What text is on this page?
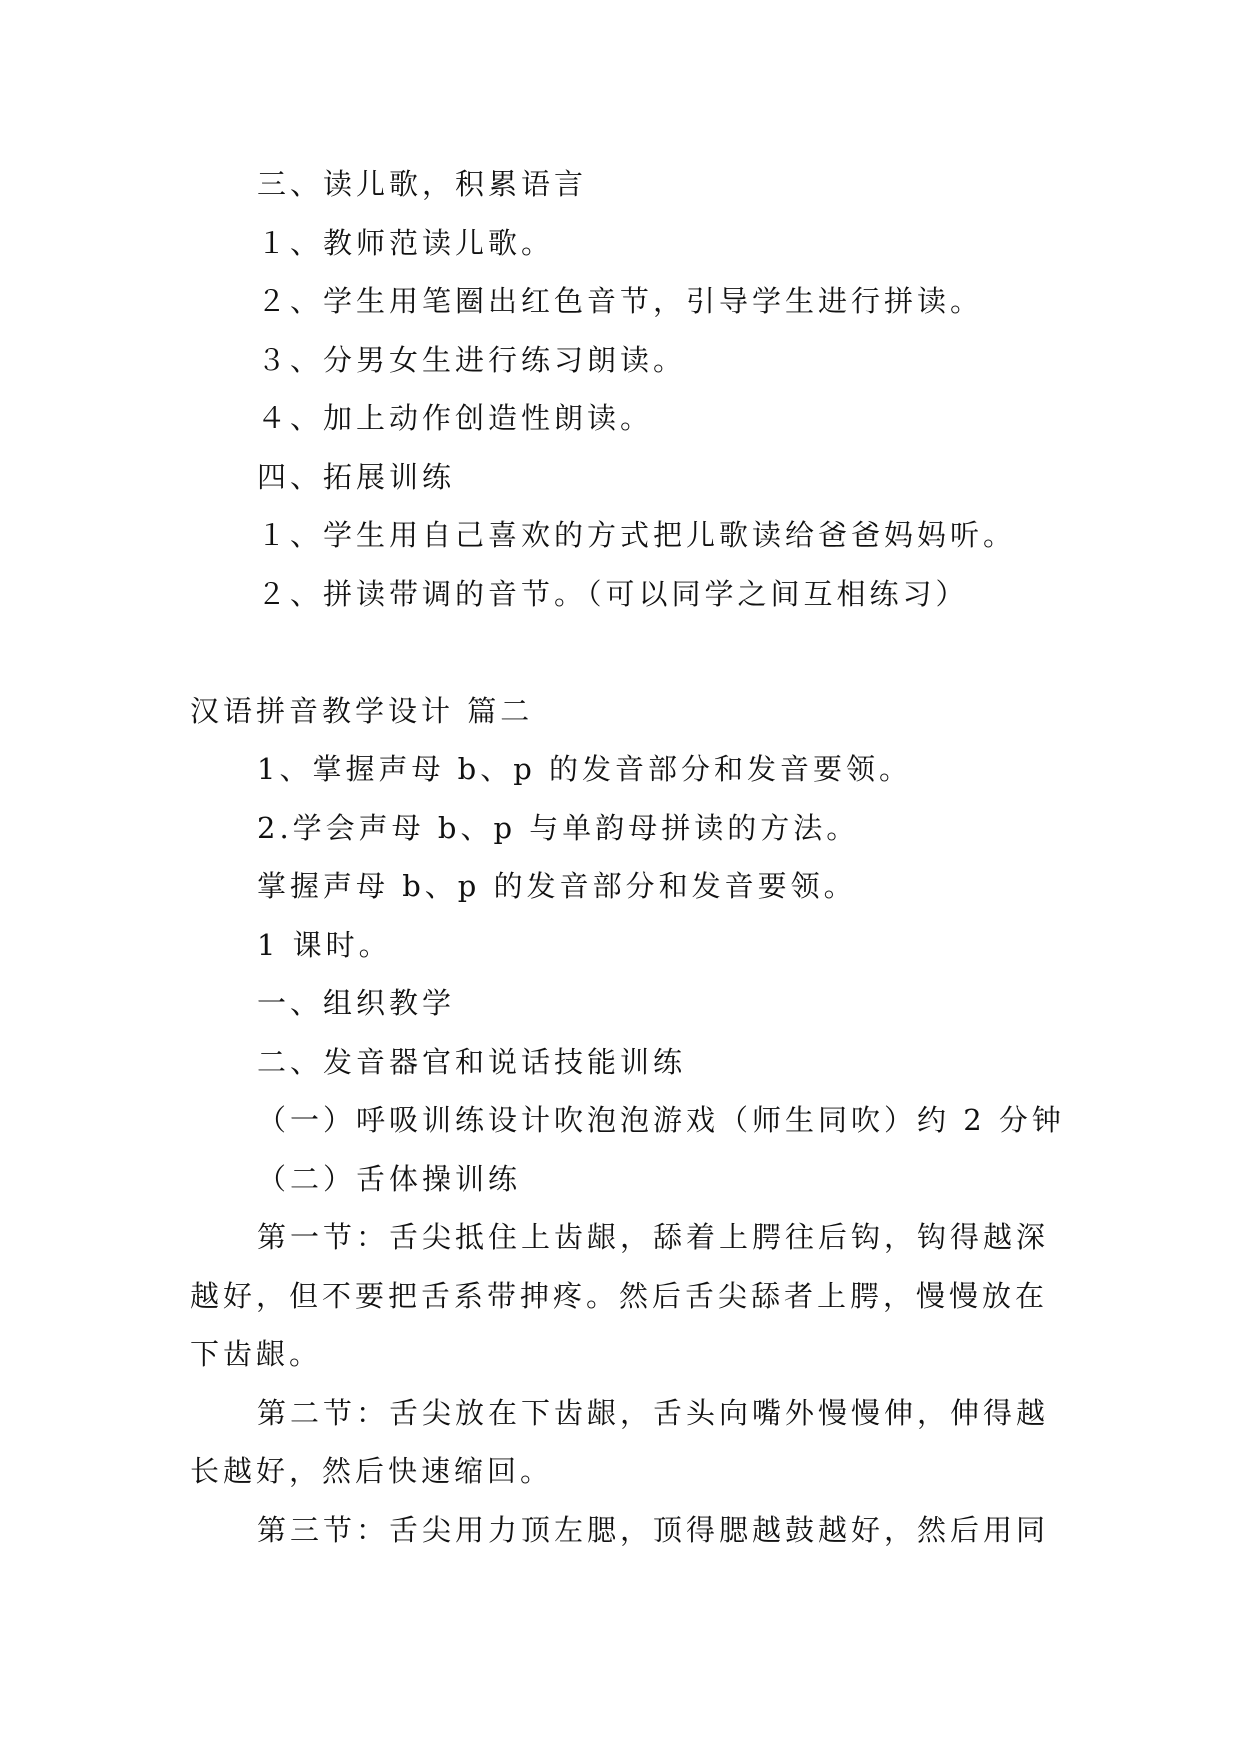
三、读儿歌，积累语言
１、教师范读儿歌。
２、学生用笔圈出红色音节，引导学生进行拼读。
３、分男女生进行练习朗读。
４、加上动作创造性朗读。
四、拓展训练
１、学生用自己喜欢的方式把儿歌读给爸爸妈妈听。
２、拼读带调的音节。（可以同学之间互相练习）
汉语拼音教学设计 篇二
1、掌握声母 b、p 的发音部分和发音要领。
2.学会声母 b、p 与单韵母拼读的方法。
掌握声母 b、p 的发音部分和发音要领。
1 课时。
一、组织教学
二、发音器官和说话技能训练
（一）呼吸训练设计吹泡泡游戏（师生同吹）约 2 分钟
（二）舌体操训练
第一节：舌尖抵住上齿龈，舔着上腭往后钩，钩得越深
越好，但不要把舌系带抻疼。然后舌尖舔者上腭，慢慢放在
下齿龈。
第二节：舌尖放在下齿龈，舌头向嘴外慢慢伸，伸得越
长越好，然后快速缩回。
第三节：舌尖用力顶左腮，顶得腮越鼓越好，然后用同
